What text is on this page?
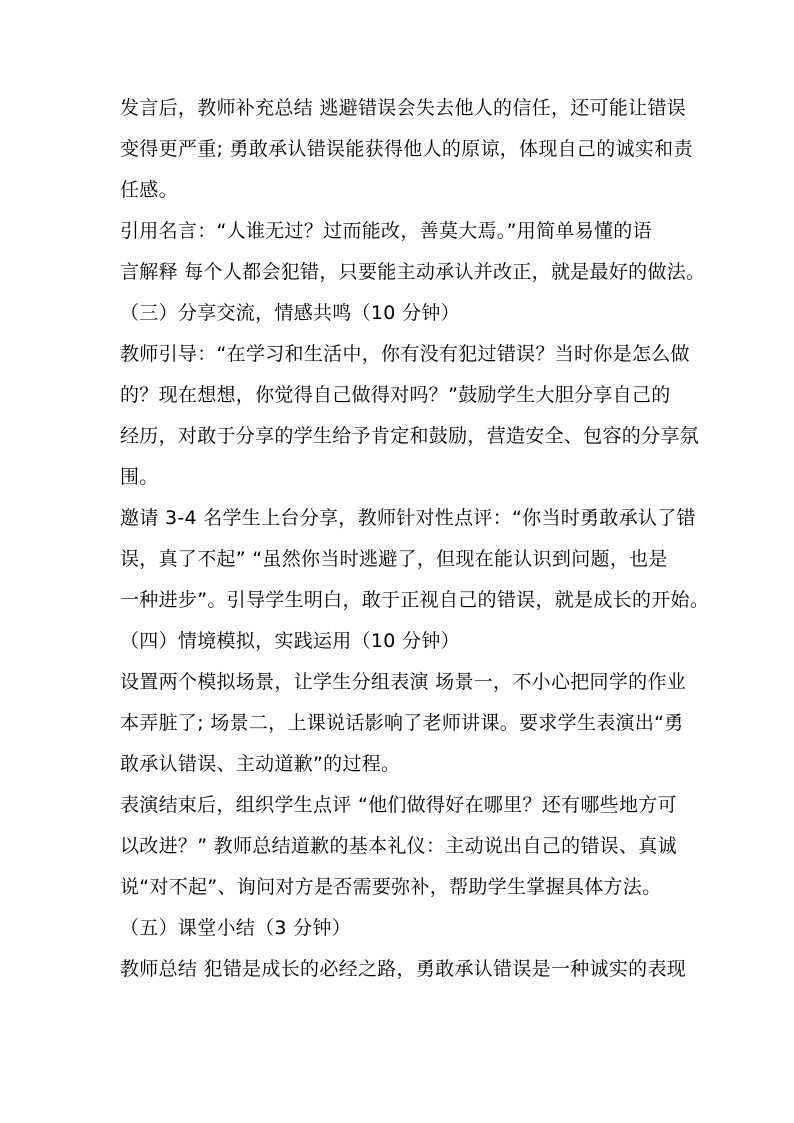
发言后，教师补充总结 逃避错误会失去他人的信任，还可能让错误
变得更严重; 勇敢承认错误能获得他人的原谅，体现自己的诚实和责
任感。
引用名言：“人谁无过？过而能改，善莫大焉。”用简单易懂的语
言解释 每个人都会犯错，只要能主动承认并改正，就是最好的做法。
（三）分享交流，情感共鸣（10 分钟）
教师引导：“在学习和生活中，你有没有犯过错误？当时你是怎么做
的？现在想想，你觉得自己做得对吗？”鼓励学生大胆分享自己的
经历，对敢于分享的学生给予肯定和鼓励，营造安全、包容的分享氛
围。
邀请 3-4 名学生上台分享，教师针对性点评：“你当时勇敢承认了错
误，真了不起” “虽然你当时逃避了，但现在能认识到问题，也是
一种进步”。引导学生明白，敢于正视自己的错误，就是成长的开始。
（四）情境模拟，实践运用（10 分钟）
设置两个模拟场景，让学生分组表演 场景一，不小心把同学的作业
本弄脏了; 场景二，上课说话影响了老师讲课。要求学生表演出“勇
敢承认错误、主动道歉”的过程。
表演结束后，组织学生点评 “他们做得好在哪里？还有哪些地方可
以改进？” 教师总结道歉的基本礼仪：主动说出自己的错误、真诚
说“对不起”、询问对方是否需要弥补，帮助学生掌握具体方法。
（五）课堂小结（3 分钟）
教师总结 犯错是成长的必经之路，勇敢承认错误是一种诚实的表现
